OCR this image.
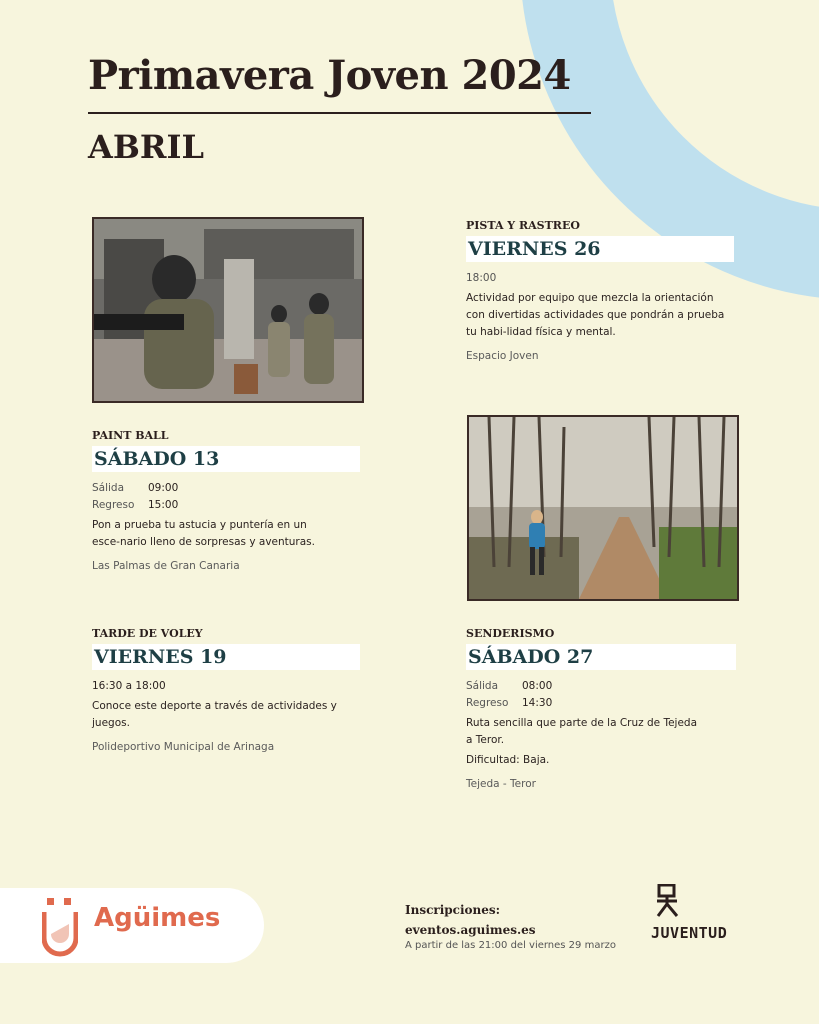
Primavera Joven 2024
ABRIL
PISTA Y RASTREO
VIERNES 26
18:00
Actividad por equipo que mezcla la orientación con divertidas actividades que pondrán a prueba tu habi-lidad física y mental.
Espacio Joven
PAINT BALL
SÁBADO 13
Sálida 09:00
Regreso 15:00
Pon a prueba tu astucia y puntería en un esce-nario lleno de sorpresas y aventuras.
Las Palmas de Gran Canaria
TARDE DE VOLEY
VIERNES 19
16:30 a 18:00
Conoce este deporte a través de actividades y juegos.
Polideportivo Municipal de Arinaga
SENDERISMO
SÁBADO 27
Sálida 08:00
Regreso 14:30
Ruta sencilla que parte de la Cruz de Tejeda a Teror.
Dificultad: Baja.
Tejeda - Teror
Agüimes	Inscripciones:
eventos.aguimes.es
A partir de las 21:00 del viernes 29 marzo
JUVENTUD
